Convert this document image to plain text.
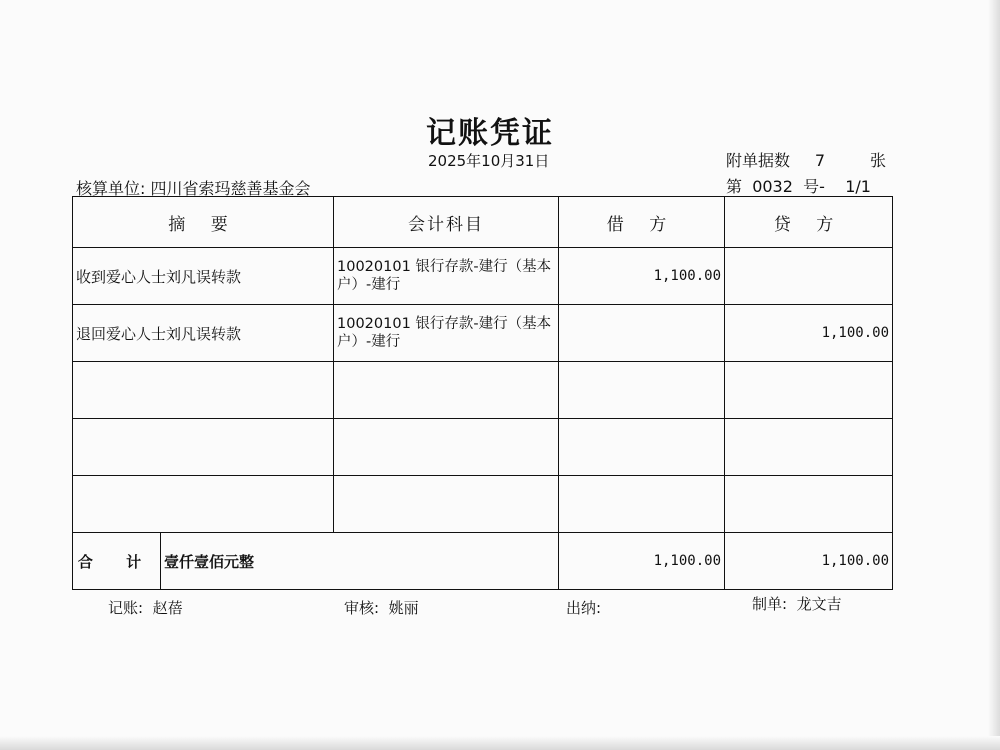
记账凭证
2025年10月31日	附单据数 7	张
核算单位: 四川省索玛慈善基金会	第 0032 号- 1/1
摘 要		会计科目	借 方	贷 方
收到爱心人士刘凡误转款		10020101 银行存款-建行（基本户）-建行	1,100.00	
退回爱心人士刘凡误转款		10020101 银行存款-建行（基本户）-建行		1,100.00

合 计	壹仟壹佰元整		1,100.00	1,100.00
记账:  赵蓓	审核:  姚丽	出纳:	制单:  龙文吉
